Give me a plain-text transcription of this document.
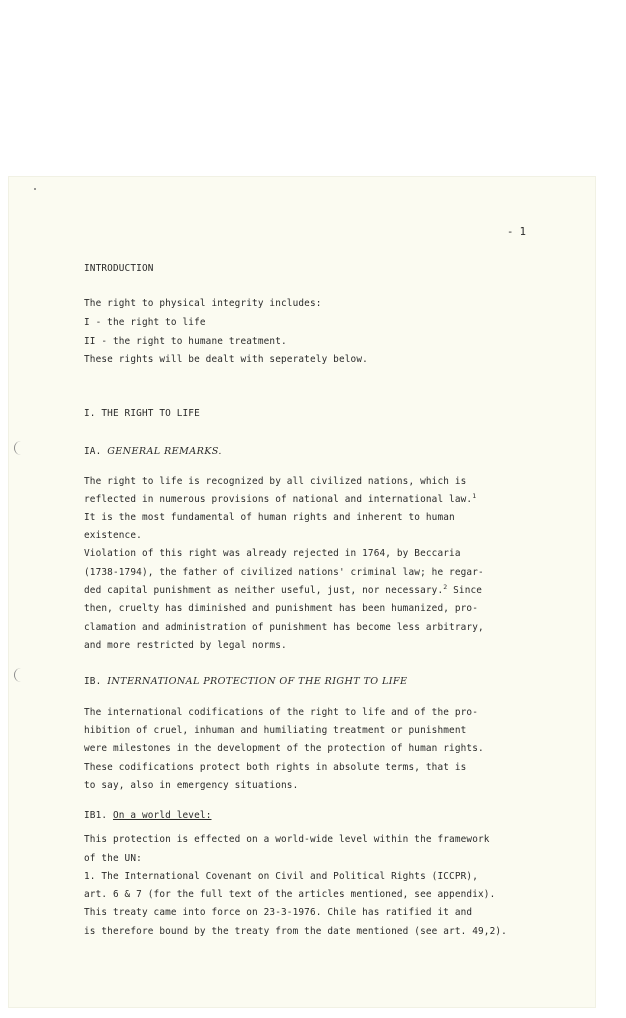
- 1
INTRODUCTION
The right to physical integrity includes:
I - the right to life
II - the right to humane treatment.
These rights will be dealt with seperately below.
I. THE RIGHT TO LIFE
IA. GENERAL REMARKS.
The right to life is recognized by all civilized nations, which is
reflected in numerous provisions of national and international law.$^1$
It is the most fundamental of human rights and inherent to human
existence.
Violation of this right was already rejected in 1764, by Beccaria
(1738-1794), the father of civilized nations' criminal law; he regar-
ded capital punishment as neither useful, just, nor necessary.$^2$ Since
then, cruelty has diminished and punishment has been humanized, pro-
clamation and administration of punishment has become less arbitrary,
and more restricted by legal norms.
IB. INTERNATIONAL PROTECTION OF THE RIGHT TO LIFE
The international codifications of the right to life and of the pro-
hibition of cruel, inhuman and humiliating treatment or punishment
were milestones in the development of the protection of human rights.
These codifications protect both rights in absolute terms, that is
to say, also in emergency situations.
IB1. On a world level:
This protection is effected on a world-wide level within the framework
of the UN:
1. The International Covenant on Civil and Political Rights (ICCPR),
art. 6 & 7 (for the full text of the articles mentioned, see appendix).
This treaty came into force on 23-3-1976. Chile has ratified it and
is therefore bound by the treaty from the date mentioned (see art. 49,2).
